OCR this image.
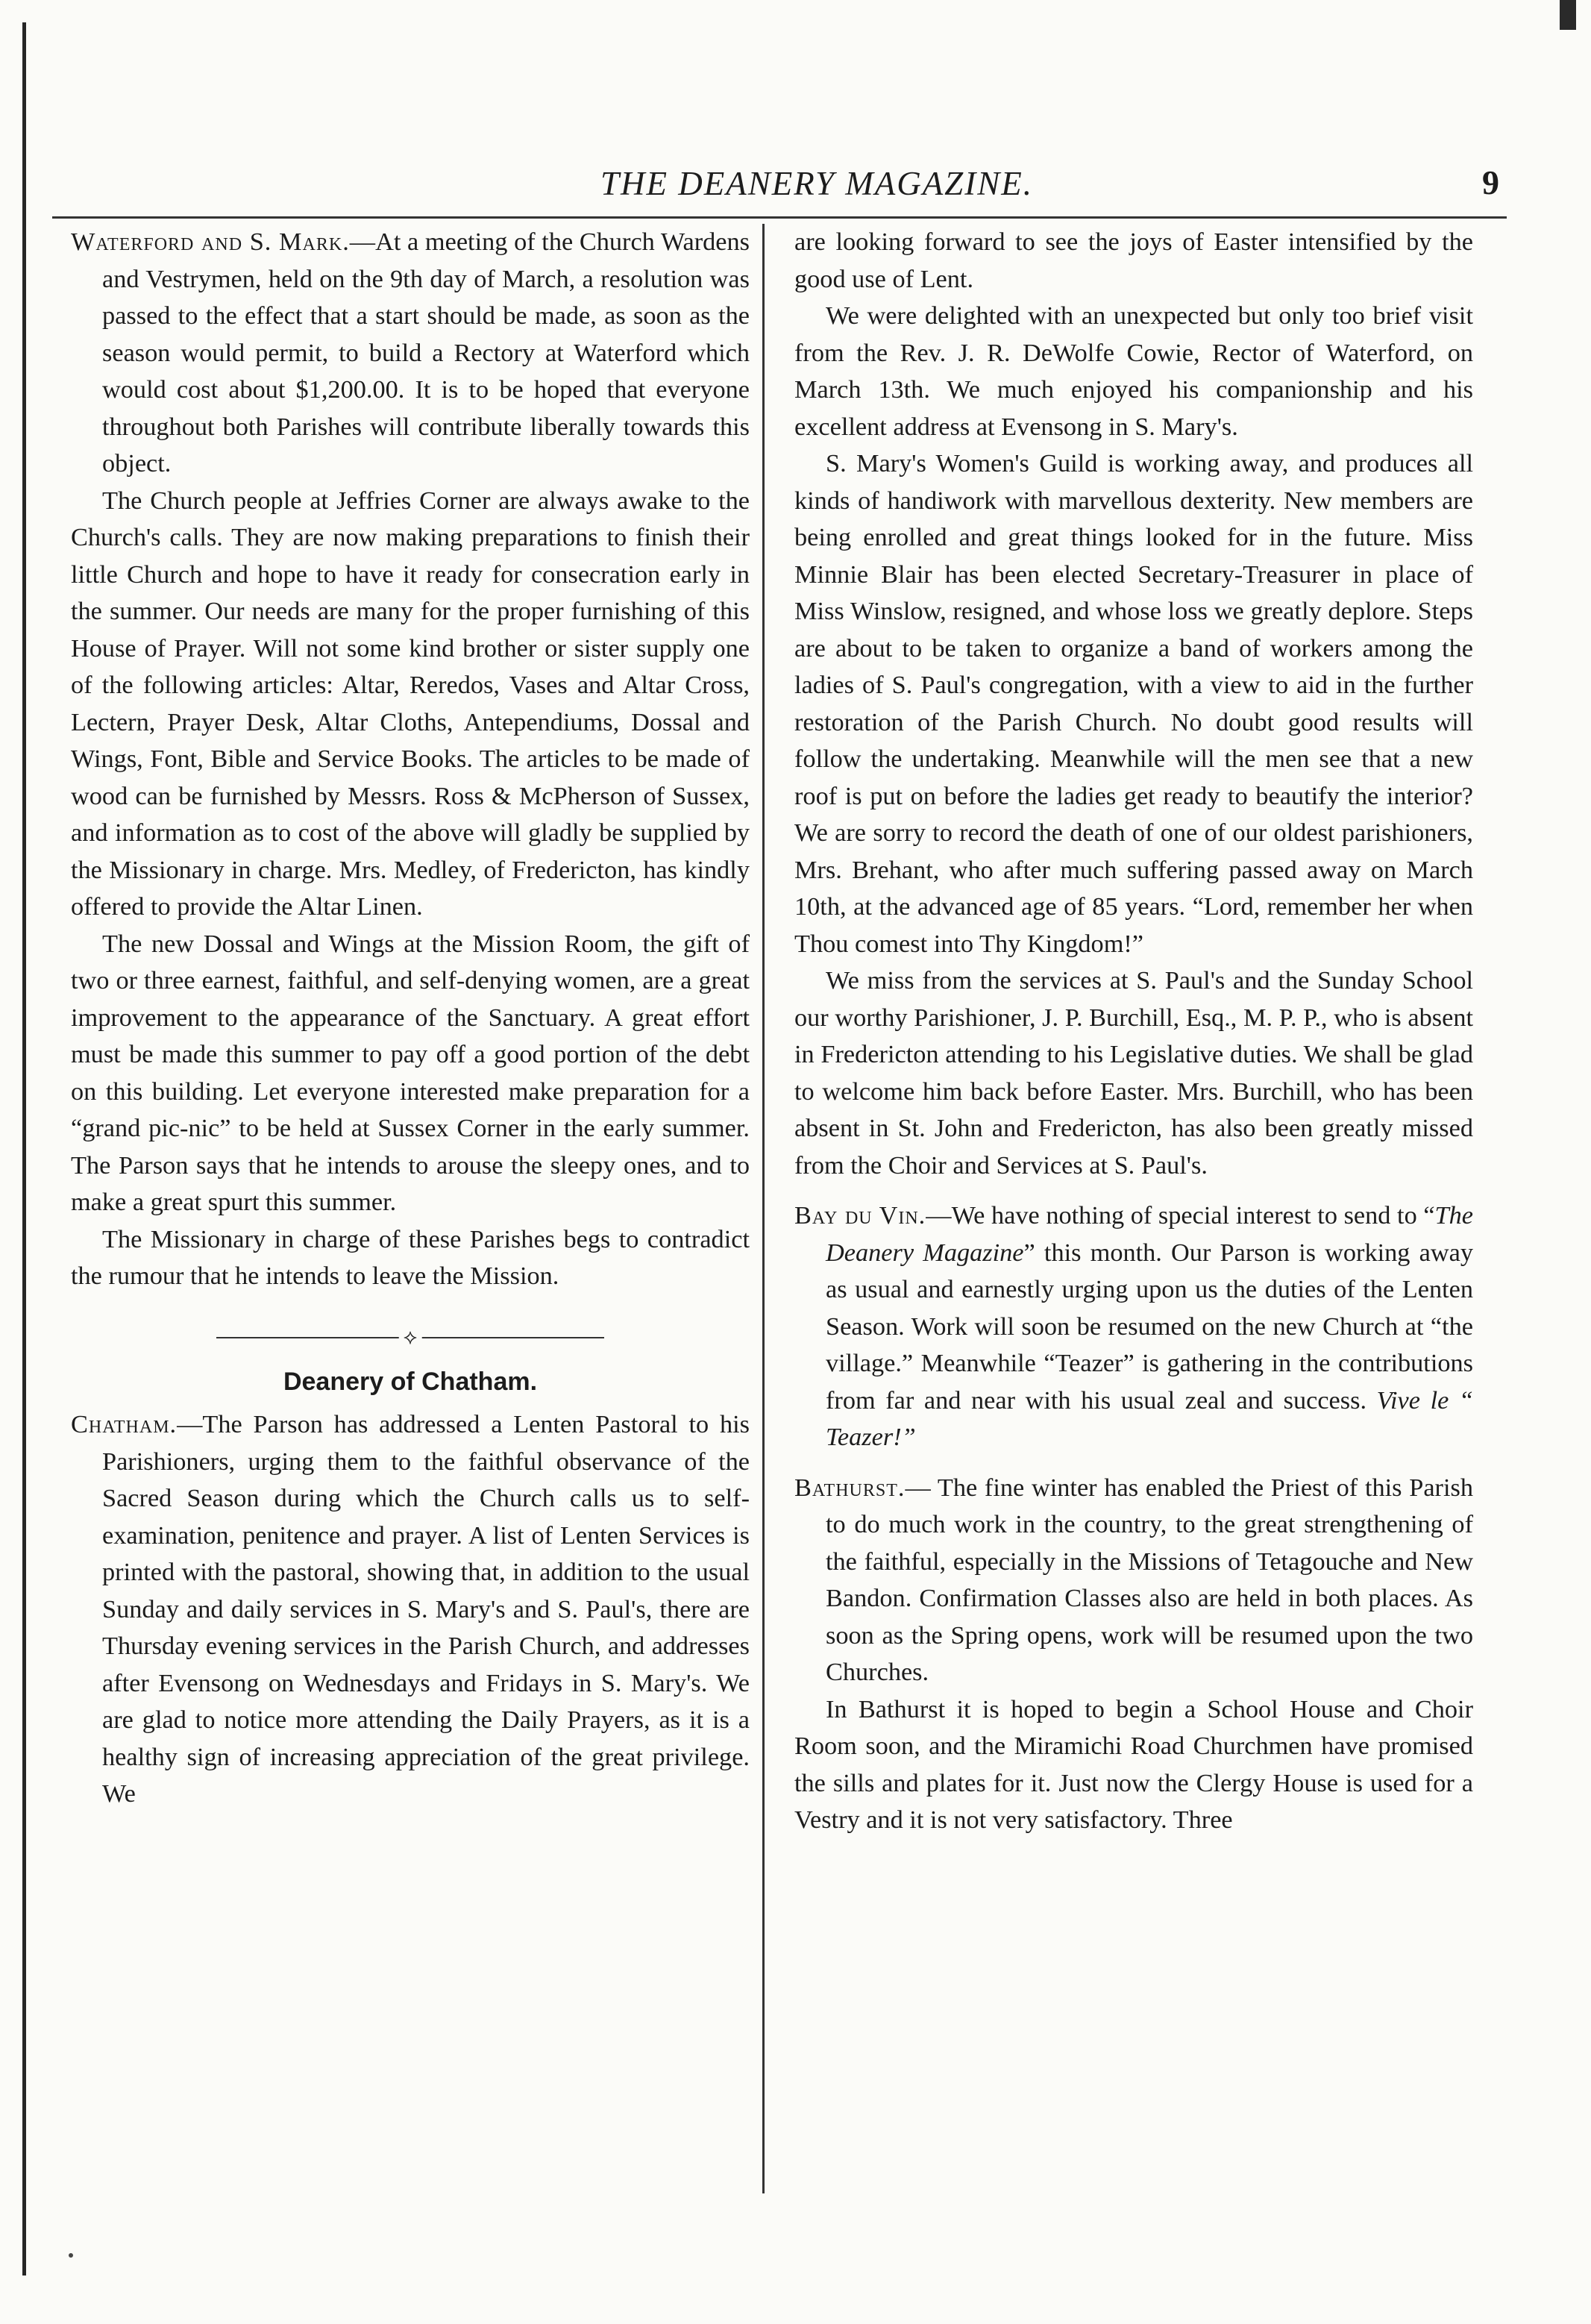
THE DEANERY MAGAZINE.	9

Waterford and S. Mark.—At a meeting of the Church Wardens and Vestrymen, held on the 9th day of March, a resolution was passed to the effect that a start should be made, as soon as the season would permit, to build a Rectory at Waterford which would cost about $1,200.00. It is to be hoped that everyone throughout both Parishes will contribute liberally towards this object.

The Church people at Jeffries Corner are always awake to the Church's calls. They are now making preparations to finish their little Church and hope to have it ready for consecration early in the summer. Our needs are many for the proper furnishing of this House of Prayer. Will not some kind brother or sister supply one of the following articles: Altar, Reredos, Vases and Altar Cross, Lectern, Prayer Desk, Altar Cloths, Antependiums, Dossal and Wings, Font, Bible and Service Books. The articles to be made of wood can be furnished by Messrs. Ross & McPherson of Sussex, and information as to cost of the above will gladly be supplied by the Missionary in charge. Mrs. Medley, of Fredericton, has kindly offered to provide the Altar Linen.

The new Dossal and Wings at the Mission Room, the gift of two or three earnest, faithful, and self-denying women, are a great improvement to the appearance of the Sanctuary. A great effort must be made this summer to pay off a good portion of the debt on this building. Let everyone interested make preparation for a “grand pic-nic” to be held at Sussex Corner in the early summer. The Parson says that he intends to arouse the sleepy ones, and to make a great spurt this summer.

The Missionary in charge of these Parishes begs to contradict the rumour that he intends to leave the Mission.

⟡
Deanery of Chatham.

Chatham.—The Parson has addressed a Lenten Pastoral to his Parishioners, urging them to the faithful observance of the Sacred Season during which the Church calls us to self-examination, penitence and prayer. A list of Lenten Services is printed with the pastoral, showing that, in addition to the usual Sunday and daily services in S. Mary's and S. Paul's, there are Thursday evening services in the Parish Church, and addresses after Evensong on Wednesdays and Fridays in S. Mary's. We are glad to notice more attending the Daily Prayers, as it is a healthy sign of increasing appreciation of the great privilege. We

are looking forward to see the joys of Easter intensified by the good use of Lent.

We were delighted with an unexpected but only too brief visit from the Rev. J. R. DeWolfe Cowie, Rector of Waterford, on March 13th. We much enjoyed his companionship and his excellent address at Evensong in S. Mary's.

S. Mary's Women's Guild is working away, and produces all kinds of handiwork with marvellous dexterity. New members are being enrolled and great things looked for in the future. Miss Minnie Blair has been elected Secretary-Treasurer in place of Miss Winslow, resigned, and whose loss we greatly deplore. Steps are about to be taken to organize a band of workers among the ladies of S. Paul's congregation, with a view to aid in the further restoration of the Parish Church. No doubt good results will follow the undertaking. Meanwhile will the men see that a new roof is put on before the ladies get ready to beautify the interior? We are sorry to record the death of one of our oldest parishioners, Mrs. Brehant, who after much suffering passed away on March 10th, at the advanced age of 85 years. “Lord, remember her when Thou comest into Thy Kingdom!”

We miss from the services at S. Paul's and the Sunday School our worthy Parishioner, J. P. Burchill, Esq., M. P. P., who is absent in Fredericton attending to his Legislative duties. We shall be glad to welcome him back before Easter. Mrs. Burchill, who has been absent in St. John and Fredericton, has also been greatly missed from the Choir and Services at S. Paul's.

Bay du Vin.—We have nothing of special interest to send to “The Deanery Magazine” this month. Our Parson is working away as usual and earnestly urging upon us the duties of the Lenten Season. Work will soon be resumed on the new Church at “the village.” Meanwhile “Teazer” is gathering in the contributions from far and near with his usual zeal and success. Vive le “ Teazer!”

Bathurst.— The fine winter has enabled the Priest of this Parish to do much work in the country, to the great strengthening of the faithful, especially in the Missions of Tetagouche and New Bandon. Confirmation Classes also are held in both places. As soon as the Spring opens, work will be resumed upon the two Churches.

In Bathurst it is hoped to begin a School House and Choir Room soon, and the Miramichi Road Churchmen have promised the sills and plates for it. Just now the Clergy House is used for a Vestry and it is not very satisfactory. Three
